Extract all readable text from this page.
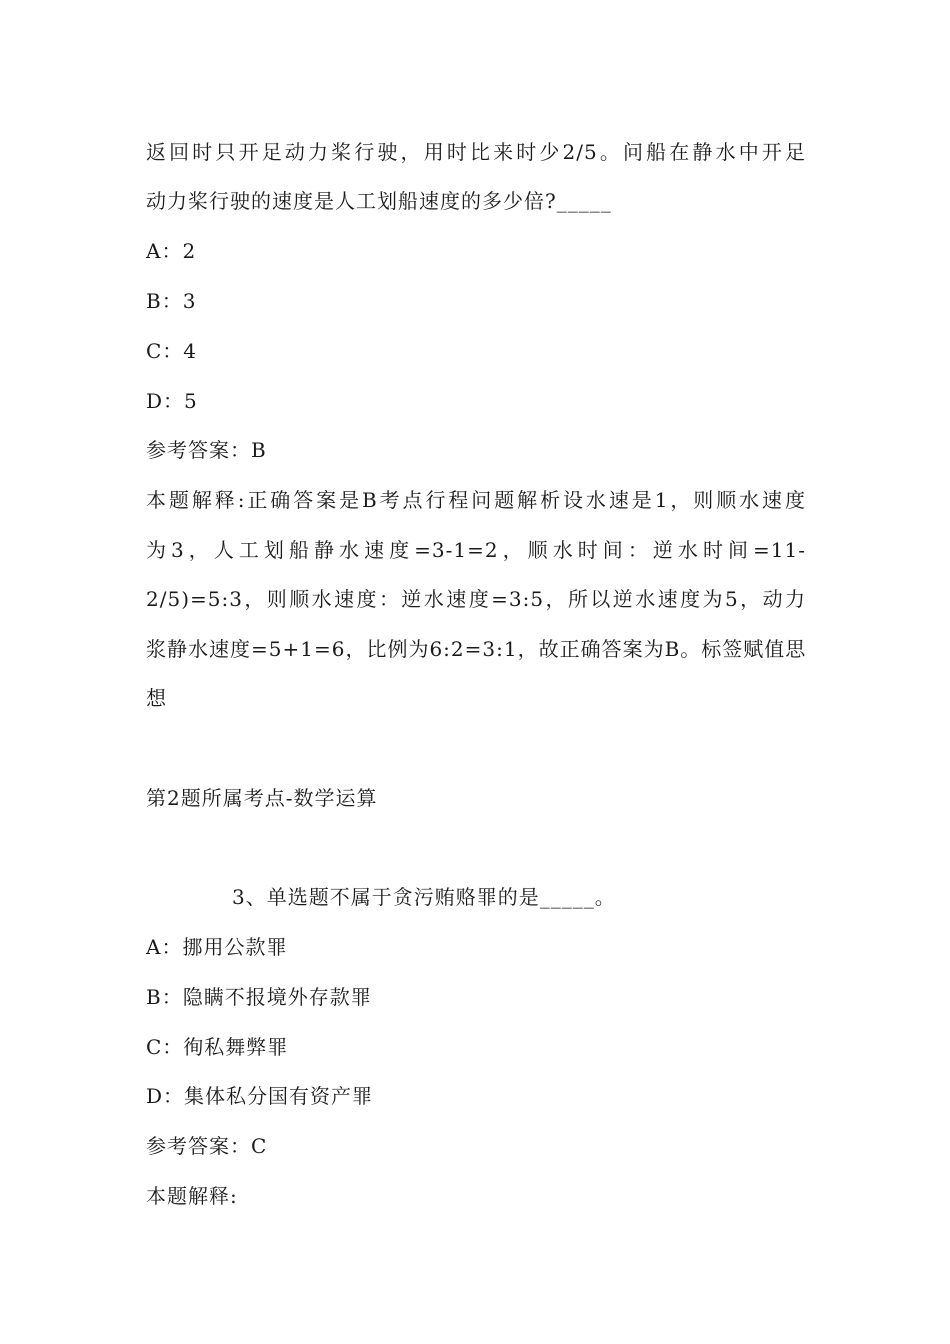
返回时只开足动力桨行驶，用时比来时少2/5。问船在静水中开足
动力桨行驶的速度是人工划船速度的多少倍?_____
A：2
B：3
C：4
D：5
参考答案：B
本题解释:正确答案是B考点行程问题解析设水速是1，则顺水速度
为3，人工划船静水速度=3-1=2，顺水时间：逆水时间=11-
2/5)=5:3，则顺水速度：逆水速度=3:5，所以逆水速度为5，动力
浆静水速度=5+1=6，比例为6:2=3:1，故正确答案为B。标签赋值思
想
第2题所属考点-数学运算
3、单选题不属于贪污贿赂罪的是_____。
A：挪用公款罪
B：隐瞒不报境外存款罪
C：徇私舞弊罪
D：集体私分国有资产罪
参考答案：C
本题解释:
